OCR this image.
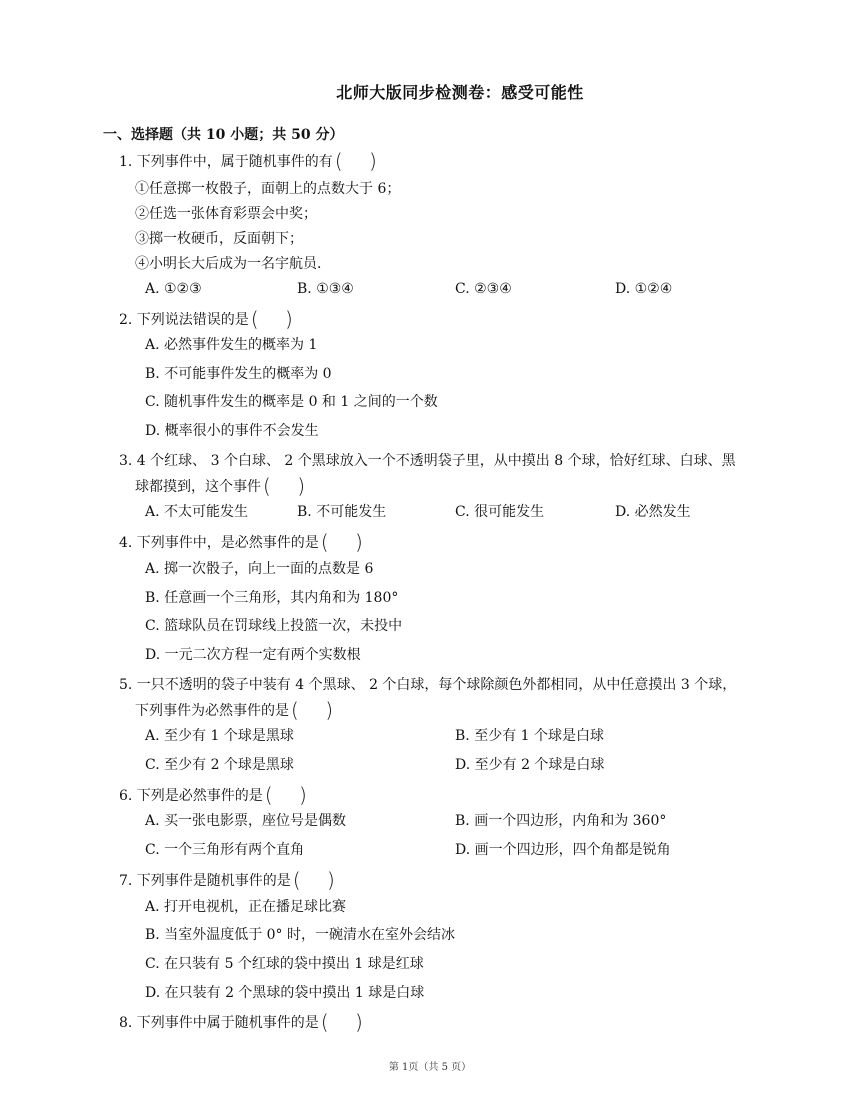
北师大版同步检测卷：感受可能性
一、选择题（共 10 小题；共 50 分）
1. 下列事件中，属于随机事件的有( )
①任意掷一枚骰子，面朝上的点数大于 6；
②任选一张体育彩票会中奖；
③掷一枚硬币，反面朝下；
④小明长大后成为一名宇航员.
A. ①②③	B. ①③④	C. ②③④	D. ①②④
2. 下列说法错误的是( )
A. 必然事件发生的概率为 1
B. 不可能事件发生的概率为 0
C. 随机事件发生的概率是 0 和 1 之间的一个数
D. 概率很小的事件不会发生
3. 4 个红球、 3 个白球、 2 个黑球放入一个不透明袋子里，从中摸出 8 个球，恰好红球、白球、黑
球都摸到，这个事件( )
A. 不太可能发生	B. 不可能发生	C. 很可能发生	D. 必然发生
4. 下列事件中，是必然事件的是( )
A. 掷一次骰子，向上一面的点数是 6
B. 任意画一个三角形，其内角和为 180°
C. 篮球队员在罚球线上投篮一次，未投中
D. 一元二次方程一定有两个实数根
5. 一只不透明的袋子中装有 4 个黑球、 2 个白球，每个球除颜色外都相同，从中任意摸出 3 个球，
下列事件为必然事件的是( )
A. 至少有 1 个球是黑球	B. 至少有 1 个球是白球
C. 至少有 2 个球是黑球	D. 至少有 2 个球是白球
6. 下列是必然事件的是( )
A. 买一张电影票，座位号是偶数	B. 画一个四边形，内角和为 360°
C. 一个三角形有两个直角	D. 画一个四边形，四个角都是锐角
7. 下列事件是随机事件的是( )
A. 打开电视机，正在播足球比赛
B. 当室外温度低于 0° 时，一碗清水在室外会结冰
C. 在只装有 5 个红球的袋中摸出 1 球是红球
D. 在只装有 2 个黑球的袋中摸出 1 球是白球
8. 下列事件中属于随机事件的是( )
第 1页（共 5 页）
